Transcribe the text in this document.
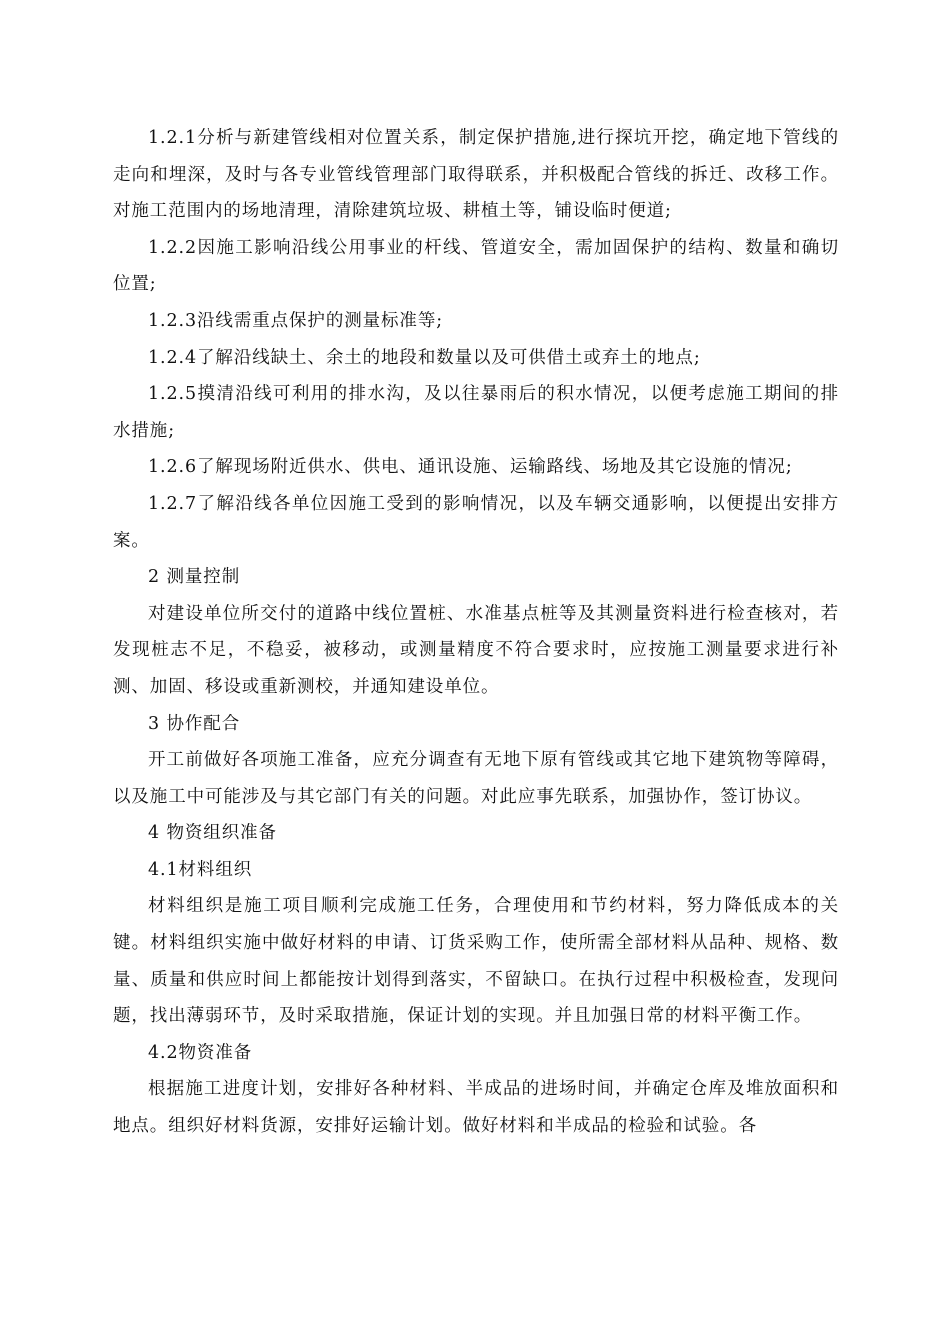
1.2.1分析与新建管线相对位置关系，制定保护措施,进行探坑开挖，确定地下管线的走向和埋深，及时与各专业管线管理部门取得联系，并积极配合管线的拆迁、改移工作。对施工范围内的场地清理，清除建筑垃圾、耕植土等，铺设临时便道;

1.2.2因施工影响沿线公用事业的杆线、管道安全，需加固保护的结构、数量和确切位置;

1.2.3沿线需重点保护的测量标准等;

1.2.4了解沿线缺土、余土的地段和数量以及可供借土或弃土的地点;

1.2.5摸清沿线可利用的排水沟，及以往暴雨后的积水情况，以便考虑施工期间的排水措施;

1.2.6了解现场附近供水、供电、通讯设施、运输路线、场地及其它设施的情况;

1.2.7了解沿线各单位因施工受到的影响情况，以及车辆交通影响，以便提出安排方案。

2 测量控制

对建设单位所交付的道路中线位置桩、水准基点桩等及其测量资料进行检查核对，若发现桩志不足，不稳妥，被移动，或测量精度不符合要求时，应按施工测量要求进行补测、加固、移设或重新测校，并通知建设单位。

3 协作配合

开工前做好各项施工准备，应充分调查有无地下原有管线或其它地下建筑物等障碍，以及施工中可能涉及与其它部门有关的问题。对此应事先联系，加强协作，签订协议。

4 物资组织准备

4.1材料组织

材料组织是施工项目顺利完成施工任务，合理使用和节约材料，努力降低成本的关键。材料组织实施中做好材料的申请、订货采购工作，使所需全部材料从品种、规格、数量、质量和供应时间上都能按计划得到落实，不留缺口。在执行过程中积极检查，发现问题，找出薄弱环节，及时采取措施，保证计划的实现。并且加强日常的材料平衡工作。

4.2物资准备

根据施工进度计划，安排好各种材料、半成品的进场时间，并确定仓库及堆放面积和地点。组织好材料货源，安排好运输计划。做好材料和半成品的检验和试验。各
